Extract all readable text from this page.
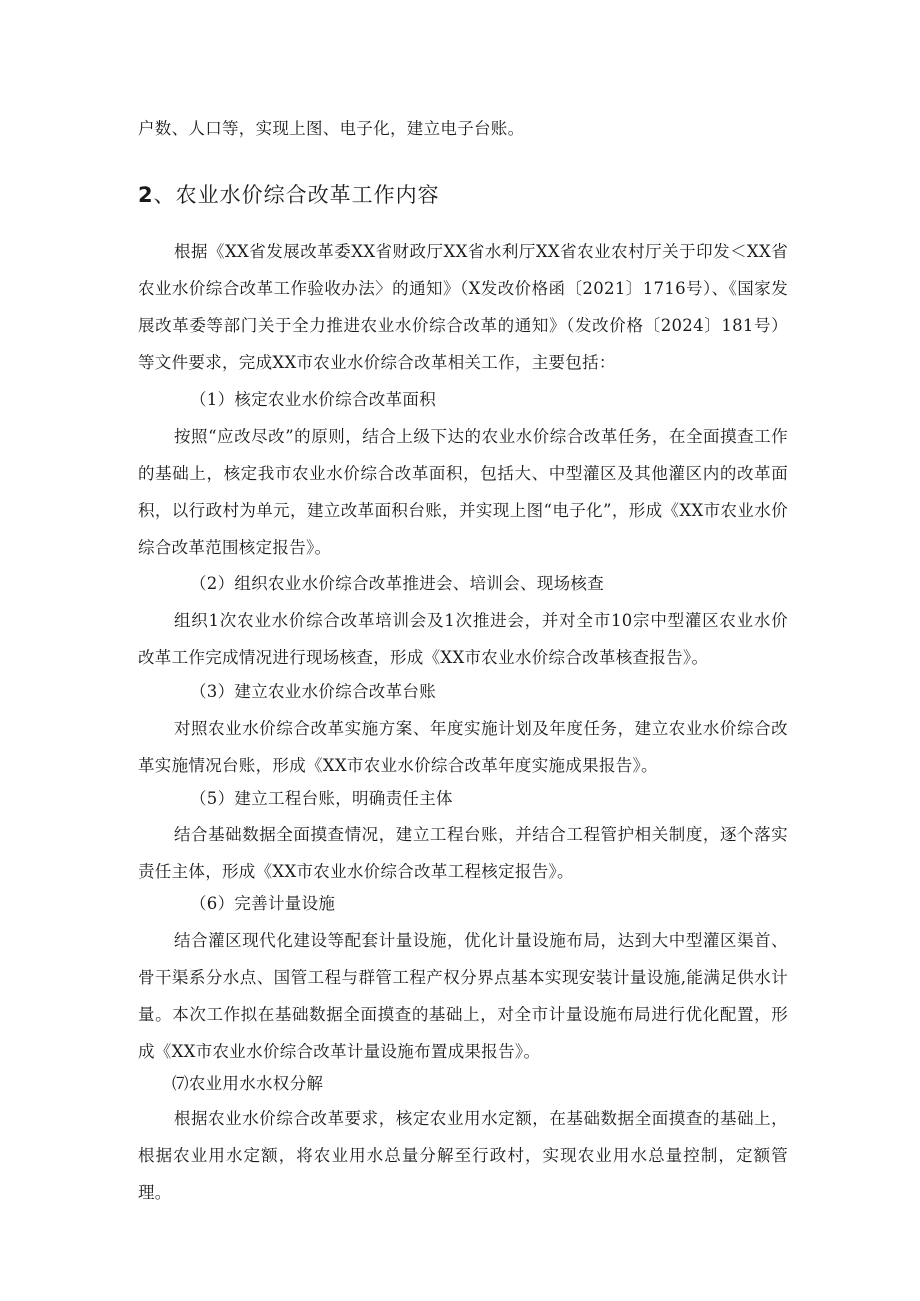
户数、人口等，实现上图、电子化，建立电子台账。
2、农业水价综合改革工作内容
根据《XX省发展改革委XX省财政厅XX省水利厅XX省农业农村厅关于印发＜XX省农业水价综合改革工作验收办法〉的通知》（X发改价格函〔2021〕1716号）、《国家发展改革委等部门关于全力推进农业水价综合改革的通知》（发改价格〔2024〕181号）等文件要求，完成XX市农业水价综合改革相关工作，主要包括：
（1）核定农业水价综合改革面积
按照“应改尽改”的原则，结合上级下达的农业水价综合改革任务，在全面摸查工作的基础上，核定我市农业水价综合改革面积，包括大、中型灌区及其他灌区内的改革面积，以行政村为单元，建立改革面积台账，并实现上图“电子化”，形成《XX市农业水价综合改革范围核定报告》。
（2）组织农业水价综合改革推进会、培训会、现场核查
组织1次农业水价综合改革培训会及1次推进会，并对全市10宗中型灌区农业水价改革工作完成情况进行现场核查，形成《XX市农业水价综合改革核查报告》。
（3）建立农业水价综合改革台账
对照农业水价综合改革实施方案、年度实施计划及年度任务，建立农业水价综合改革实施情况台账，形成《XX市农业水价综合改革年度实施成果报告》。
（5）建立工程台账，明确责任主体
结合基础数据全面摸查情况，建立工程台账，并结合工程管护相关制度，逐个落实责任主体，形成《XX市农业水价综合改革工程核定报告》。
（6）完善计量设施
结合灌区现代化建设等配套计量设施，优化计量设施布局，达到大中型灌区渠首、骨干渠系分水点、国管工程与群管工程产权分界点基本实现安装计量设施,能满足供水计量。本次工作拟在基础数据全面摸查的基础上，对全市计量设施布局进行优化配置，形成《XX市农业水价综合改革计量设施布置成果报告》。
⑺农业用水水权分解
根据农业水价综合改革要求，核定农业用水定额，在基础数据全面摸查的基础上，根据农业用水定额，将农业用水总量分解至行政村，实现农业用水总量控制，定额管理。
